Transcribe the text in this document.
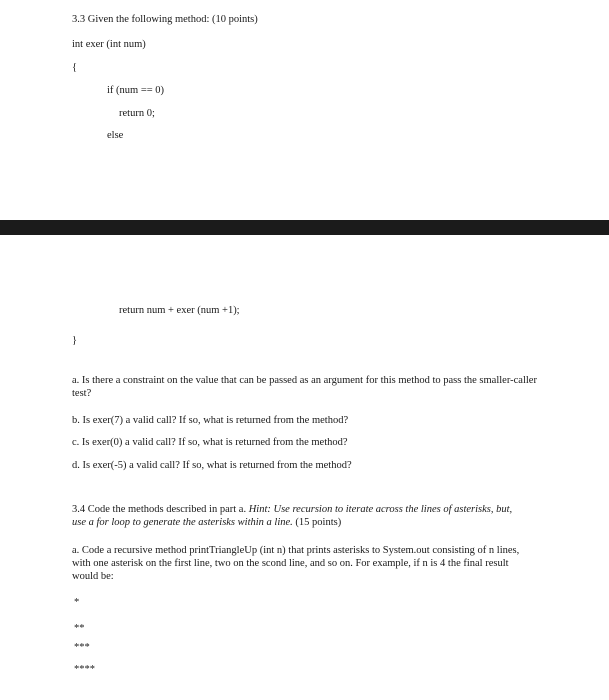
3.3 Given the following method: (10 points)
int exer (int num)
{
if (num == 0)
return 0;
else
return num + exer (num +1);
}
a. Is there a constraint on the value that can be passed as an argument for this method to pass the smaller-caller test?
b. Is exer(7) a valid call? If so, what is returned from the method?
c. Is exer(0) a valid call? If so, what is returned from the method?
d. Is exer(-5) a valid call? If so, what is returned from the method?
3.4 Code the methods described in part a. Hint: Use recursion to iterate across the lines of asterisks, but, use a for loop to generate the asterisks within a line. (15 points)
a. Code a recursive method printTriangleUp (int n) that prints asterisks to System.out consisting of n lines, with one asterisk on the first line, two on the scond line, and so on. For example, if n is 4 the final result would be:
*
**
***
****
